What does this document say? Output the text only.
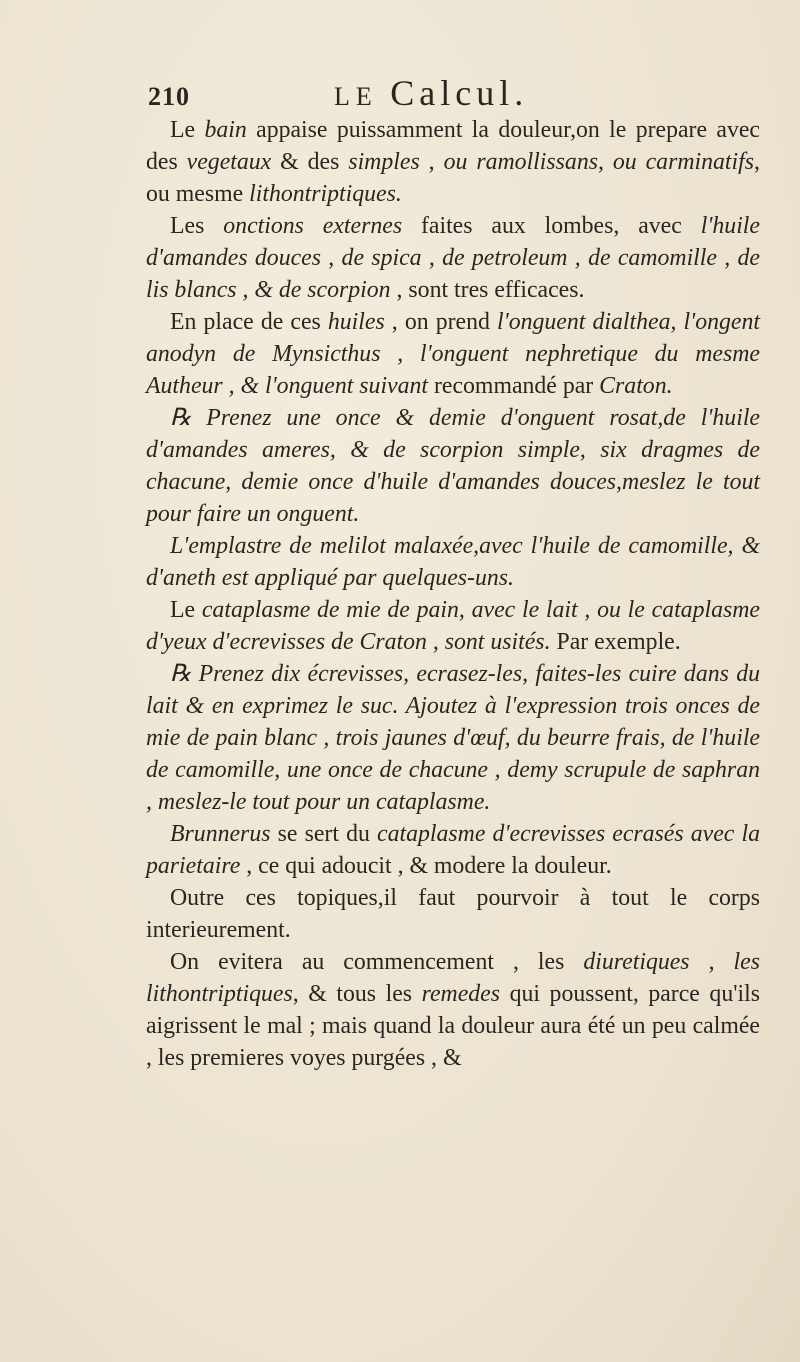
210	LE Calcul.

Le bain appaise puissamment la douleur,on le prepare avec des vegetaux & des simples , ou ramollissans, ou carminatifs, ou mesme lithontriptiques.

Les onctions externes faites aux lombes, avec l'huile d'amandes douces , de spica , de petroleum , de camomille , de lis blancs , & de scorpion , sont tres efficaces.

En place de ces huiles , on prend l'onguent dialthea, l'ongent anodyn de Mynsicthus , l'onguent nephretique du mesme Autheur , & l'onguent suivant recommandé par Craton.

℞ Prenez une once & demie d'onguent rosat,de l'huile d'amandes ameres, & de scorpion simple, six dragmes de chacune, demie once d'huile d'amandes douces,meslez le tout pour faire un onguent.

L'emplastre de melilot malaxée,avec l'huile de camomille, & d'aneth est appliqué par quelques-uns.

Le cataplasme de mie de pain, avec le lait , ou le cataplasme d'yeux d'ecrevisses de Craton , sont usités. Par exemple.

℞ Prenez dix écrevisses, ecrasez-les, faites-les cuire dans du lait & en exprimez le suc. Ajoutez à l'expression trois onces de mie de pain blanc , trois jaunes d'œuf, du beurre frais, de l'huile de camomille, une once de chacune , demy scrupule de saphran , meslez-le tout pour un cataplasme.

Brunnerus se sert du cataplasme d'ecrevisses ecrasés avec la parietaire , ce qui adoucit , & modere la douleur.

Outre ces topiques,il faut pourvoir à tout le corps interieurement.

On evitera au commencement , les diuretiques , les lithontriptiques, & tous les remedes qui poussent, parce qu'ils aigrissent le mal ; mais quand la douleur aura été un peu calmée , les premieres voyes purgées , &
